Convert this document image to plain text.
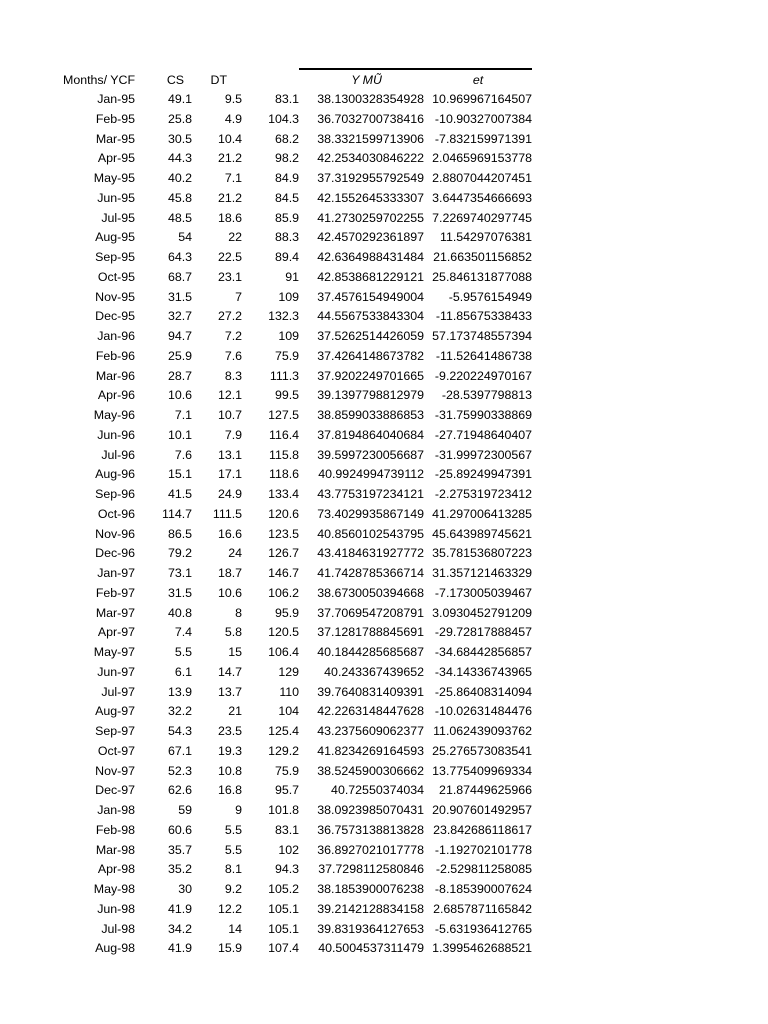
Months/ YCF	CS	DT		Y MŨ	et
Jan-95	49.1	9.5	83.1	38.1300328354928	10.969967164507
Feb-95	25.8	4.9	104.3	36.7032700738416	-10.90327007384
Mar-95	30.5	10.4	68.2	38.3321599713906	-7.832159971391
Apr-95	44.3	21.2	98.2	42.2534030846222	2.0465969153778
May-95	40.2	7.1	84.9	37.3192955792549	2.8807044207451
Jun-95	45.8	21.2	84.5	42.1552645333307	3.6447354666693
Jul-95	48.5	18.6	85.9	41.2730259702255	7.2269740297745
Aug-95	54	22	88.3	42.4570292361897	11.54297076381
Sep-95	64.3	22.5	89.4	42.6364988431484	21.663501156852
Oct-95	68.7	23.1	91	42.8538681229121	25.846131877088
Nov-95	31.5	7	109	37.4576154949004	-5.9576154949
Dec-95	32.7	27.2	132.3	44.5567533843304	-11.85675338433
Jan-96	94.7	7.2	109	37.5262514426059	57.173748557394
Feb-96	25.9	7.6	75.9	37.4264148673782	-11.52641486738
Mar-96	28.7	8.3	111.3	37.9202249701665	-9.220224970167
Apr-96	10.6	12.1	99.5	39.1397798812979	-28.5397798813
May-96	7.1	10.7	127.5	38.8599033886853	-31.75990338869
Jun-96	10.1	7.9	116.4	37.8194864040684	-27.71948640407
Jul-96	7.6	13.1	115.8	39.5997230056687	-31.99972300567
Aug-96	15.1	17.1	118.6	40.9924994739112	-25.89249947391
Sep-96	41.5	24.9	133.4	43.7753197234121	-2.275319723412
Oct-96	114.7	111.5	120.6	73.4029935867149	41.297006413285
Nov-96	86.5	16.6	123.5	40.8560102543795	45.643989745621
Dec-96	79.2	24	126.7	43.4184631927772	35.781536807223
Jan-97	73.1	18.7	146.7	41.7428785366714	31.357121463329
Feb-97	31.5	10.6	106.2	38.6730050394668	-7.173005039467
Mar-97	40.8	8	95.9	37.7069547208791	3.0930452791209
Apr-97	7.4	5.8	120.5	37.1281788845691	-29.72817888457
May-97	5.5	15	106.4	40.1844285685687	-34.68442856857
Jun-97	6.1	14.7	129	40.243367439652	-34.14336743965
Jul-97	13.9	13.7	110	39.7640831409391	-25.86408314094
Aug-97	32.2	21	104	42.2263148447628	-10.02631484476
Sep-97	54.3	23.5	125.4	43.2375609062377	11.062439093762
Oct-97	67.1	19.3	129.2	41.8234269164593	25.276573083541
Nov-97	52.3	10.8	75.9	38.5245900306662	13.775409969334
Dec-97	62.6	16.8	95.7	40.72550374034	21.87449625966
Jan-98	59	9	101.8	38.0923985070431	20.907601492957
Feb-98	60.6	5.5	83.1	36.7573138813828	23.842686118617
Mar-98	35.7	5.5	102	36.8927021017778	-1.192702101778
Apr-98	35.2	8.1	94.3	37.7298112580846	-2.529811258085
May-98	30	9.2	105.2	38.1853900076238	-8.185390007624
Jun-98	41.9	12.2	105.1	39.2142128834158	2.6857871165842
Jul-98	34.2	14	105.1	39.8319364127653	-5.631936412765
Aug-98	41.9	15.9	107.4	40.5004537311479	1.3995462688521
